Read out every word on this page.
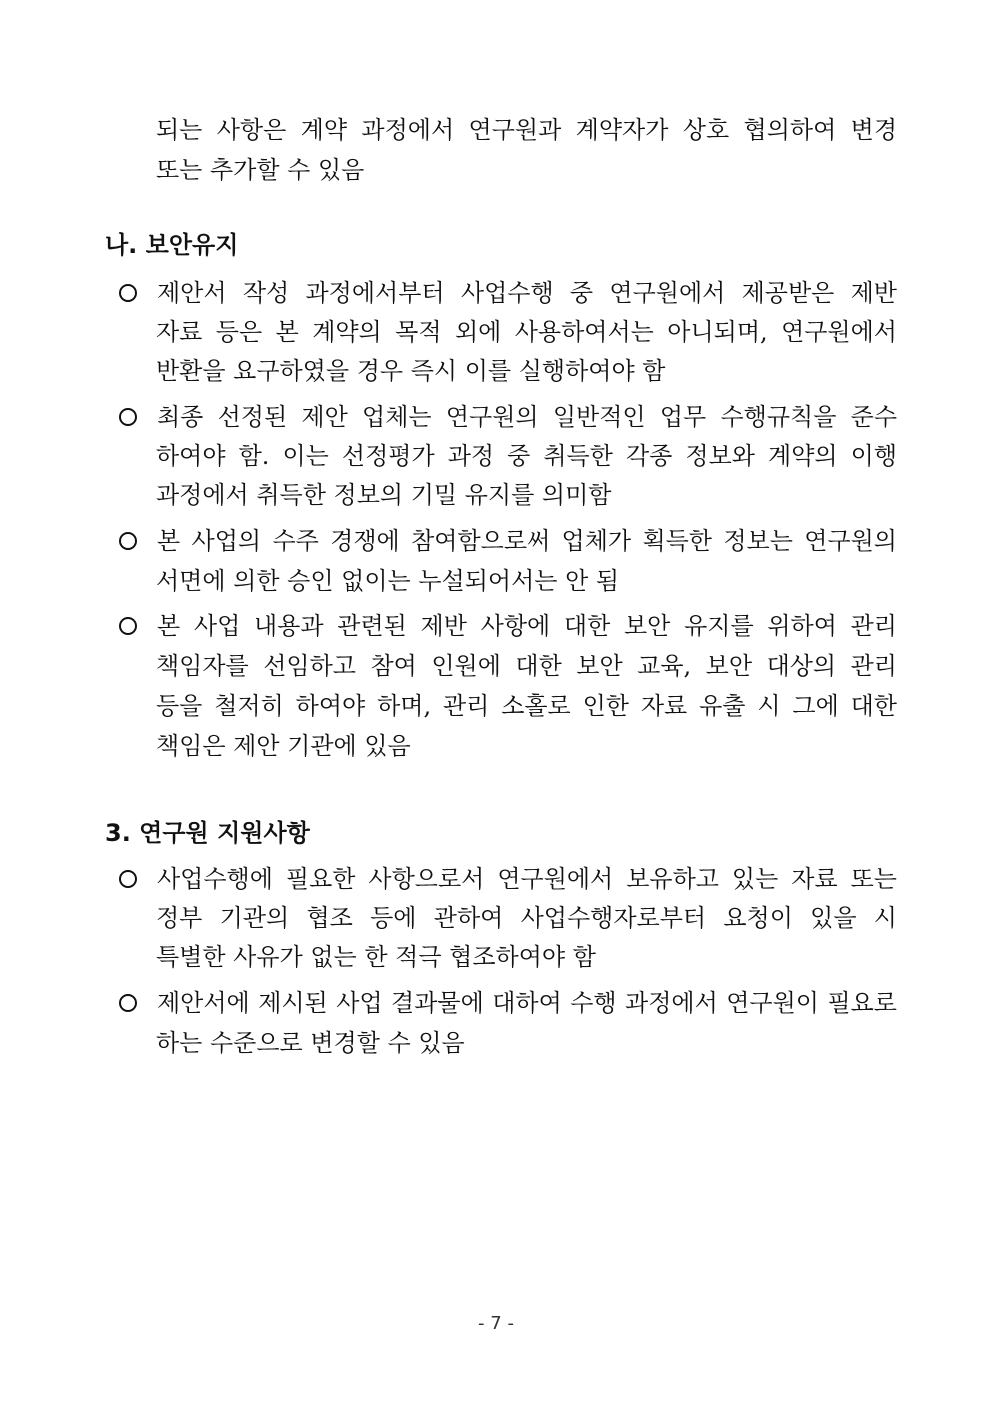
되는 사항은 계약 과정에서 연구원과 계약자가 상호 협의하여 변경
또는 추가할 수 있음
나. 보안유지
제안서 작성 과정에서부터 사업수행 중 연구원에서 제공받은 제반
자료 등은 본 계약의 목적 외에 사용하여서는 아니되며, 연구원에서
반환을 요구하였을 경우 즉시 이를 실행하여야 함
최종 선정된 제안 업체는 연구원의 일반적인 업무 수행규칙을 준수
하여야 함. 이는 선정평가 과정 중 취득한 각종 정보와 계약의 이행
과정에서 취득한 정보의 기밀 유지를 의미함
본 사업의 수주 경쟁에 참여함으로써 업체가 획득한 정보는 연구원의
서면에 의한 승인 없이는 누설되어서는 안 됨
본 사업 내용과 관련된 제반 사항에 대한 보안 유지를 위하여 관리
책임자를 선임하고 참여 인원에 대한 보안 교육, 보안 대상의 관리
등을 철저히 하여야 하며, 관리 소홀로 인한 자료 유출 시 그에 대한
책임은 제안 기관에 있음
3. 연구원 지원사항
사업수행에 필요한 사항으로서 연구원에서 보유하고 있는 자료 또는
정부 기관의 협조 등에 관하여 사업수행자로부터 요청이 있을 시
특별한 사유가 없는 한 적극 협조하여야 함
제안서에 제시된 사업 결과물에 대하여 수행 과정에서 연구원이 필요로
하는 수준으로 변경할 수 있음
- 7 -
